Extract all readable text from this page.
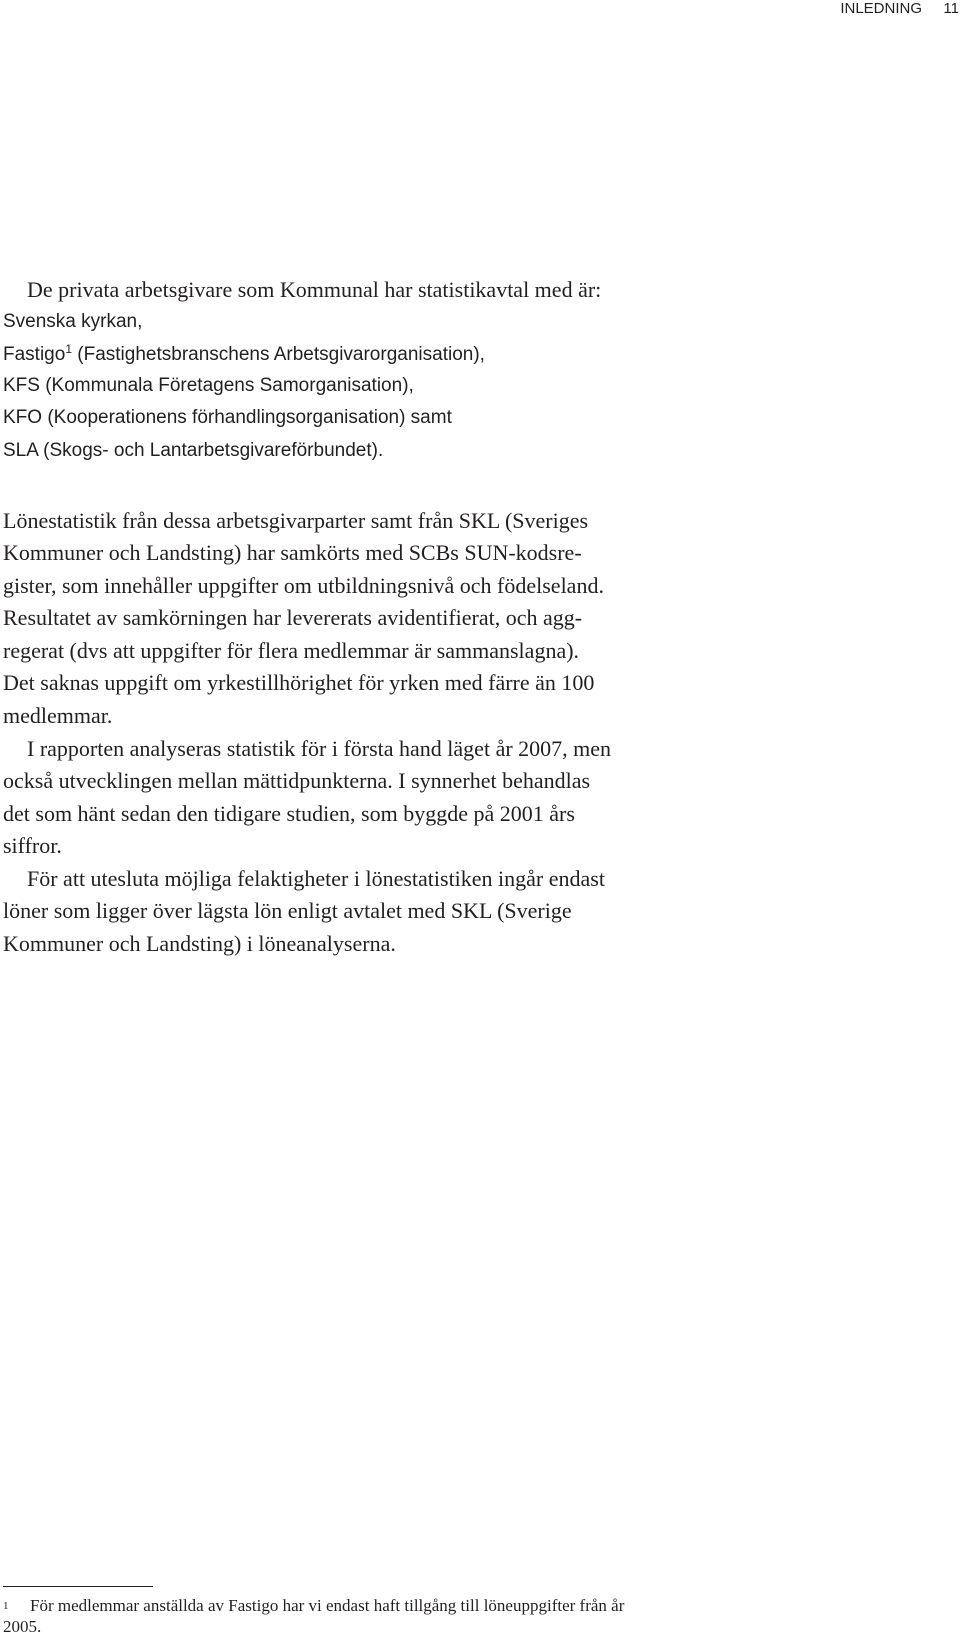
INLEDNING 11
De privata arbetsgivare som Kommunal har statistikavtal med är:
Svenska kyrkan,
Fastigo$^1$ (Fastighetsbranschens Arbetsgivarorganisation),
KFS (Kommunala Företagens Samorganisation),
KFO (Kooperationens förhandlingsorganisation) samt
SLA (Skogs- och Lantarbetsgivareförbundet).
Lönestatistik från dessa arbetsgivarparter samt från SKL (Sveriges
Kommuner och Landsting) har samkörts med SCBs SUN-kodsre-
gister, som innehåller uppgifter om utbildningsnivå och födelseland.
Resultatet av samkörningen har levererats avidentifierat, och agg-
regerat (dvs att uppgifter för flera medlemmar är sammanslagna).
Det saknas uppgift om yrkestillhörighet för yrken med färre än 100
medlemmar.
I rapporten analyseras statistik för i första hand läget år 2007, men
också utvecklingen mellan mättidpunkterna. I synnerhet behandlas
det som hänt sedan den tidigare studien, som byggde på 2001 års
siffror.
För att utesluta möjliga felaktigheter i lönestatistiken ingår endast
löner som ligger över lägsta lön enligt avtalet med SKL (Sverige
Kommuner och Landsting) i löneanalyserna.
1 För medlemmar anställda av Fastigo har vi endast haft tillgång till löneuppgifter från år
2005.
